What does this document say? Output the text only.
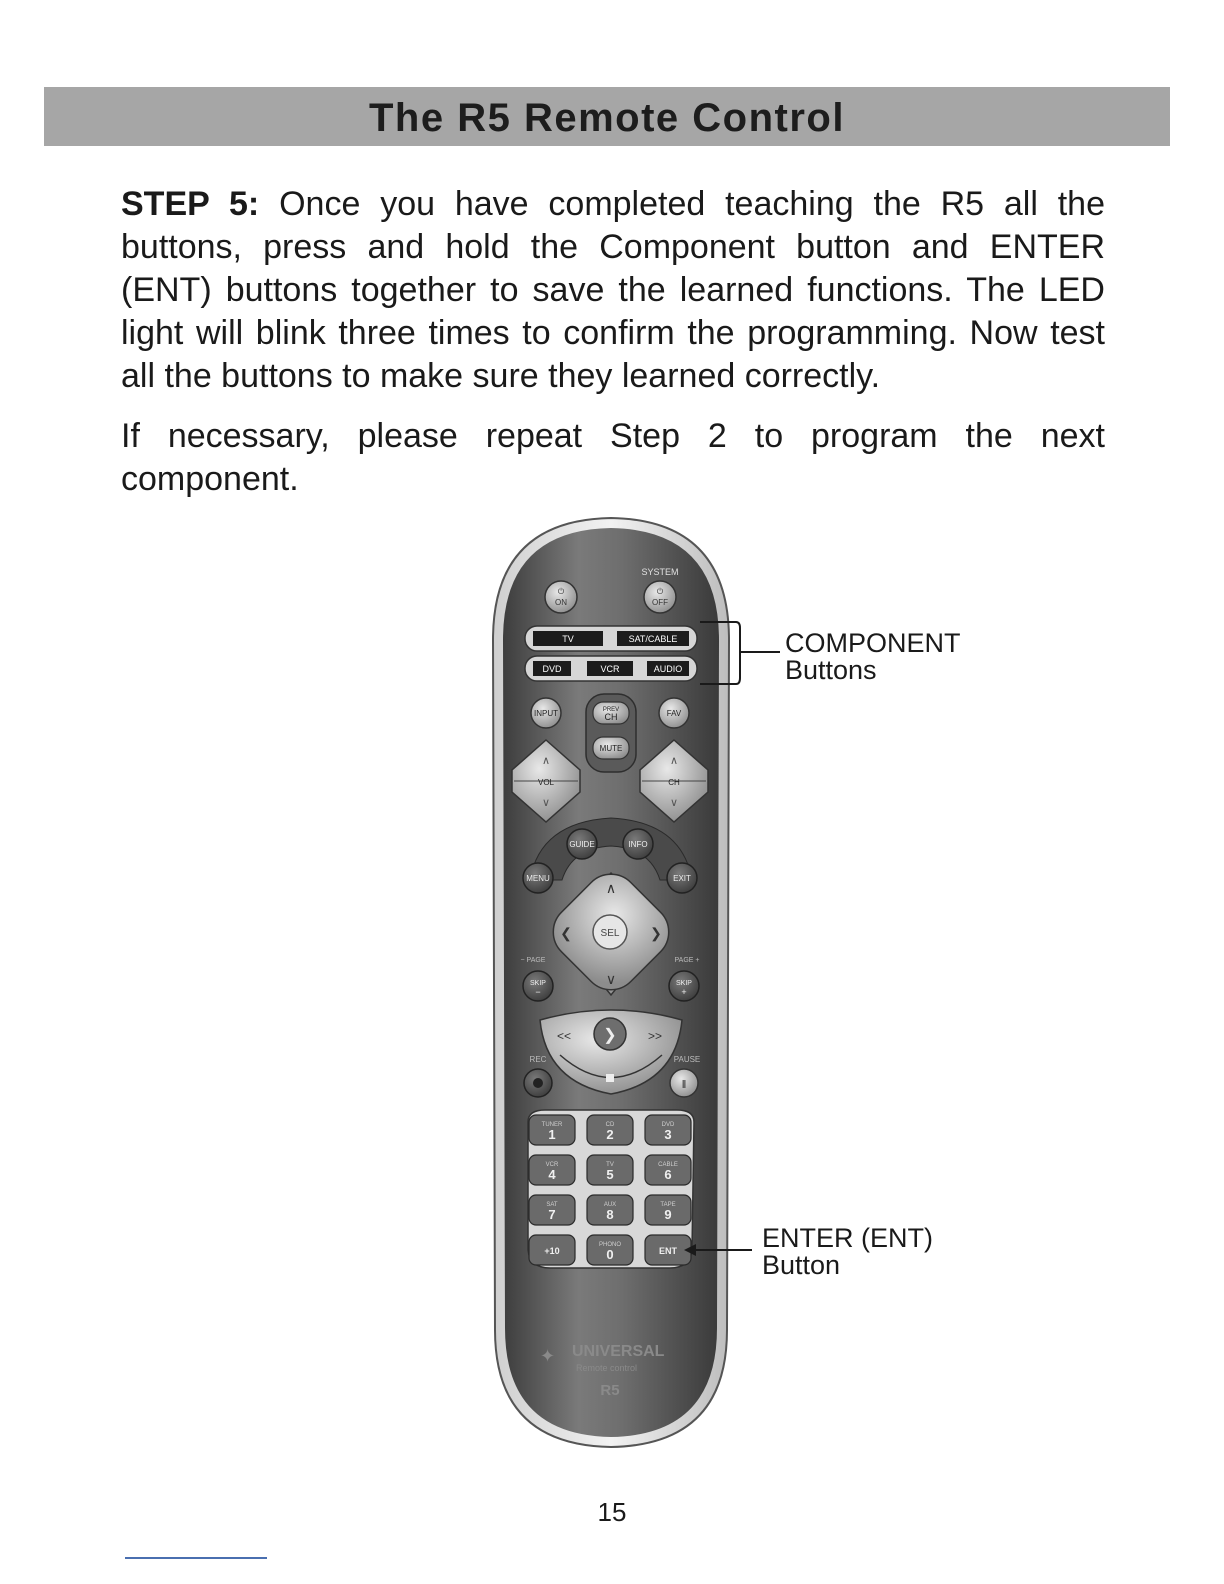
The R5 Remote Control

STEP 5: Once you have completed teaching the R5 all the buttons, press and hold the Component button and ENTER (ENT) buttons together to save the learned functions. The LED light will blink three times to confirm the programming. Now test all the buttons to make sure they learned correctly.

If necessary, please repeat Step 2 to program the next component.

SYSTEM
⏻
ON
⏻
OFF
TV	SAT/CABLE
DVD	VCR	AUDIO
INPUT	PREV
CH
MUTE
FAV
∧
VOL
∨
∧
CH
∨
GUIDE	INFO
MENU	EXIT
∧
∨
❮	❯
SEL
− PAGE	PAGE +
SKIP
−
SKIP
+
<<	>>
❯
REC	PAUSE
‖
TUNER
1
CD
2
DVD
3
VCR
4
TV
5
CABLE
6
SAT
7
AUX
8
TAPE
9
+10
PHONO
0	ENT
✦ UNIVERSAL
Remote control
R5
COMPONENT
Buttons
ENTER (ENT)
Button
15
